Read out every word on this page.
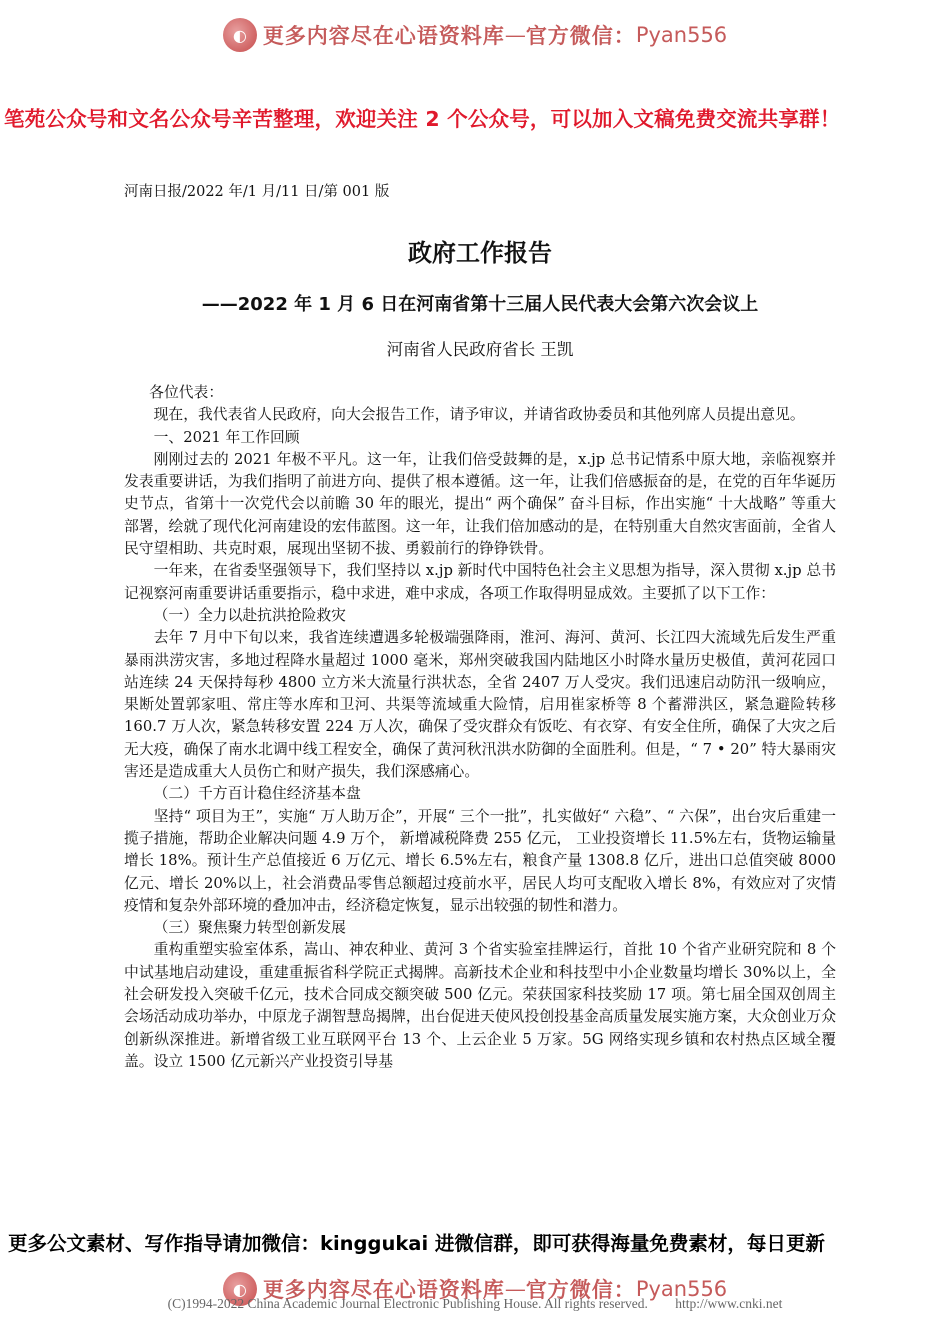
◐ 更多内容尽在心语资料库 — 官方微信： Pyan556
笔苑公众号和文名公众号辛苦整理，欢迎关注 2 个公众号，可以加入文稿免费交流共享群！
河南日报/2022 年/1 月/11 日/第 001 版
政府工作报告
——2022 年 1 月 6 日在河南省第十三届人民代表大会第六次会议上
河南省人民政府省长 王凯

各位代表：

现在，我代表省人民政府，向大会报告工作，请予审议，并请省政协委员和其他列席人员提出意见。

一、2021 年工作回顾

刚刚过去的 2021 年极不平凡。这一年，让我们倍受鼓舞的是，x.jp 总书记情系中原大地，亲临视察并发表重要讲话，为我们指明了前进方向、提供了根本遵循。这一年，让我们倍感振奋的是，在党的百年华诞历史节点，省第十一次党代会以前瞻 30 年的眼光，提出“ 两个确保” 奋斗目标，作出实施“ 十大战略” 等重大部署，绘就了现代化河南建设的宏伟蓝图。这一年，让我们倍加感动的是，在特别重大自然灾害面前，全省人民守望相助、共克时艰，展现出坚韧不拔、勇毅前行的铮铮铁骨。

一年来，在省委坚强领导下，我们坚持以 x.jp 新时代中国特色社会主义思想为指导，深入贯彻 x.jp 总书记视察河南重要讲话重要指示，稳中求进，难中求成，各项工作取得明显成效。主要抓了以下工作：

（一）全力以赴抗洪抢险救灾

去年 7 月中下旬以来，我省连续遭遇多轮极端强降雨，淮河、海河、黄河、长江四大流域先后发生严重暴雨洪涝灾害，多地过程降水量超过 1000 毫米，郑州突破我国内陆地区小时降水量历史极值，黄河花园口站连续 24 天保持每秒 4800 立方米大流量行洪状态，全省 2407 万人受灾。我们迅速启动防汛一级响应，果断处置郭家咀、常庄等水库和卫河、共渠等流域重大险情，启用崔家桥等 8 个蓄滞洪区，紧急避险转移 160.7 万人次，紧急转移安置 224 万人次，确保了受灾群众有饭吃、有衣穿、有安全住所，确保了大灾之后无大疫，确保了南水北调中线工程安全，确保了黄河秋汛洪水防御的全面胜利。但是，“ 7 • 20” 特大暴雨灾害还是造成重大人员伤亡和财产损失，我们深感痛心。

（二）千方百计稳住经济基本盘

坚持“ 项目为王”，实施“ 万人助万企”，开展“ 三个一批”，扎实做好“ 六稳”、“ 六保”，出台灾后重建一揽子措施，帮助企业解决问题 4.9 万个， 新增减税降费 255 亿元， 工业投资增长 11.5%左右，货物运输量增长 18%。预计生产总值接近 6 万亿元、增长 6.5%左右，粮食产量 1308.8 亿斤，进出口总值突破 8000 亿元、增长 20%以上，社会消费品零售总额超过疫前水平，居民人均可支配收入增长 8%，有效应对了灾情疫情和复杂外部环境的叠加冲击，经济稳定恢复，显示出较强的韧性和潜力。

（三）聚焦聚力转型创新发展

重构重塑实验室体系，嵩山、神农种业、黄河 3 个省实验室挂牌运行，首批 10 个省产业研究院和 8 个中试基地启动建设，重建重振省科学院正式揭牌。高新技术企业和科技型中小企业数量均增长 30%以上，全社会研发投入突破千亿元，技术合同成交额突破 500 亿元。荣获国家科技奖励 17 项。第七届全国双创周主会场活动成功举办，中原龙子湖智慧岛揭牌，出台促进天使风投创投基金高质量发展实施方案，大众创业万众创新纵深推进。新增省级工业互联网平台 13 个、上云企业 5 万家。5G 网络实现乡镇和农村热点区域全覆盖。设立 1500 亿元新兴产业投资引导基

更多公文素材、写作指导请加微信：kinggukai 进微信群，即可获得海量免费素材，每日更新
◐ 更多内容尽在心语资料库 — 官方微信： Pyan556
(C)1994-2022 China Academic Journal Electronic Publishing House. All rights reserved. http://www.cnki.net
